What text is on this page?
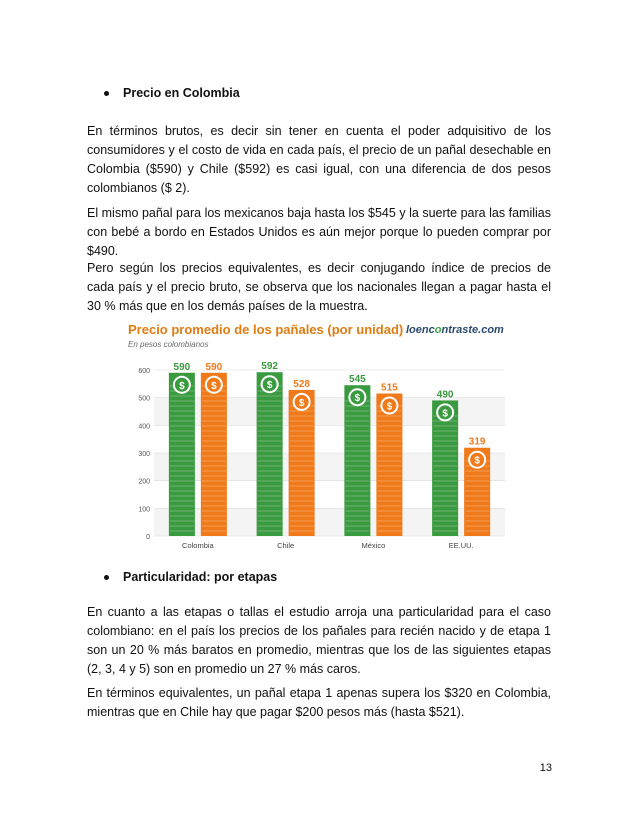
Precio en Colombia

En términos brutos, es decir sin tener en cuenta el poder adquisitivo de los consumidores y el costo de vida en cada país, el precio de un pañal desechable en Colombia ($590) y Chile ($592) es casi igual, con una diferencia de dos pesos colombianos ($ 2).

El mismo pañal para los mexicanos baja hasta los $545 y la suerte para las familias con bebé a bordo en Estados Unidos es aún mejor porque lo pueden comprar por $490.

Pero según los precios equivalentes, es decir conjugando índice de precios de cada país y el precio bruto, se observa que los nacionales llegan a pagar hasta el 30 % más que en los demás países de la muestra.

Precio promedio de los pañales (por unidad)
En pesos colombianos
loencontraste.com
0
100
200
300
400
500
600
$
590
$
590
Colombia
$
592
$
528
Chile
$
545
$
515
México
$
490
$
319
EE.UU.
Particularidad: por etapas

En cuanto a las etapas o tallas el estudio arroja una particularidad para el caso colombiano: en el país los precios de los pañales para recién nacido y de etapa 1 son un 20 % más baratos en promedio, mientras que los de las siguientes etapas (2, 3, 4 y 5) son en promedio un 27 % más caros.

En términos equivalentes, un pañal etapa 1 apenas supera los $320 en Colombia, mientras que en Chile hay que pagar $200 pesos más (hasta $521).

13
